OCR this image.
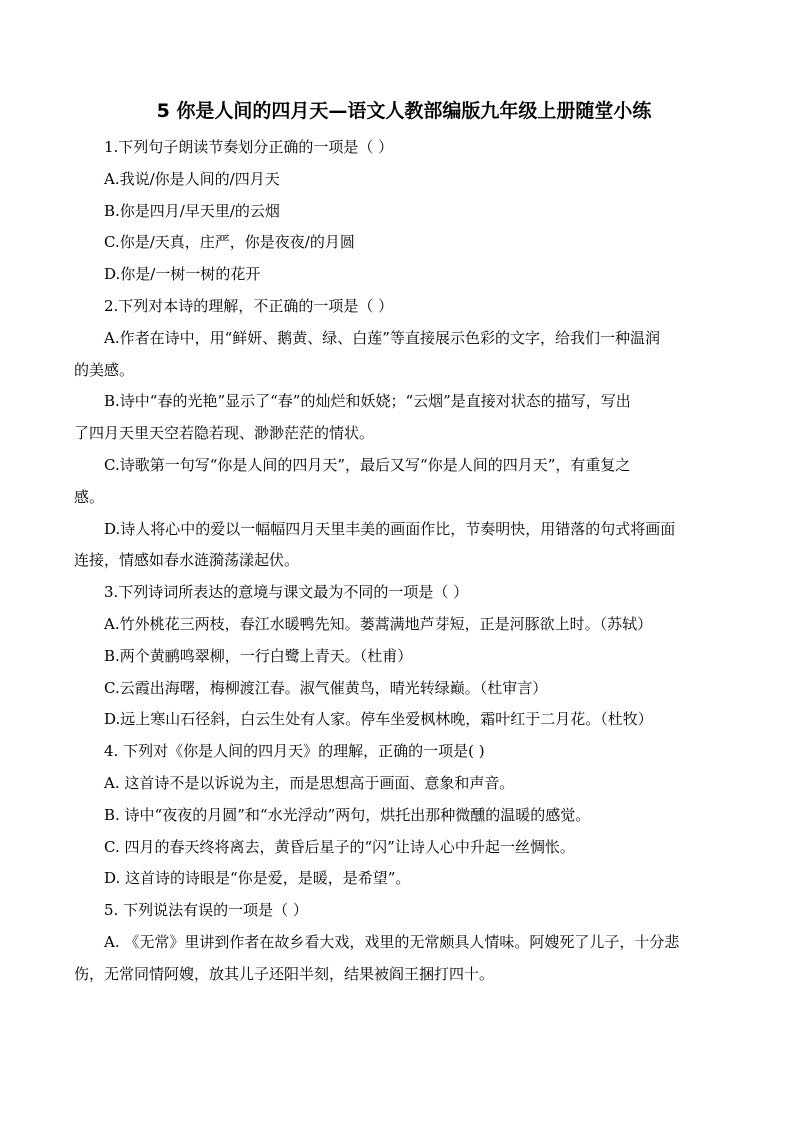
5 你是人间的四月天—语文人教部编版九年级上册随堂小练
1.下列句子朗读节奏划分正确的一项是（ ）
A.我说/你是人间的/四月天
B.你是四月/早天里/的云烟
C.你是/天真，庄严，你是夜夜/的月圆
D.你是/一树一树的花开
2.下列对本诗的理解，不正确的一项是（ ）
A.作者在诗中，用“鲜妍、鹅黄、绿、白莲”等直接展示色彩的文字，给我们一种温润
的美感。
B.诗中“春的光艳”显示了“春”的灿烂和妖娆；“云烟”是直接对状态的描写，写出
了四月天里天空若隐若现、渺渺茫茫的情状。
C.诗歌第一句写“你是人间的四月天”，最后又写“你是人间的四月天”，有重复之
感。
D.诗人将心中的爱以一幅幅四月天里丰美的画面作比，节奏明快，用错落的句式将画面
连接，情感如春水涟漪荡漾起伏。
3.下列诗词所表达的意境与课文最为不同的一项是（ ）
A.竹外桃花三两枝，春江水暖鸭先知。蒌蒿满地芦芽短，正是河豚欲上时。（苏轼）
B.两个黄鹂鸣翠柳，一行白鹭上青天。（杜甫）
C.云霞出海曙，梅柳渡江春。淑气催黄鸟，晴光转绿巅。（杜审言）
D.远上寒山石径斜，白云生处有人家。停车坐爱枫林晚，霜叶红于二月花。（杜牧）
4. 下列对《你是人间的四月天》的理解，正确的一项是( )
A. 这首诗不是以诉说为主，而是思想高于画面、意象和声音。
B. 诗中“夜夜的月圆”和“水光浮动”两句，烘托出那种微醺的温暖的感觉。
C. 四月的春天终将离去，黄昏后星子的“闪”让诗人心中升起一丝惆怅。
D. 这首诗的诗眼是“你是爱，是暖，是希望”。
5. 下列说法有误的一项是（ ）
A. 《无常》里讲到作者在故乡看大戏，戏里的无常颇具人情味。阿嫂死了儿子，十分悲
伤，无常同情阿嫂，放其儿子还阳半刻，结果被阎王捆打四十。
